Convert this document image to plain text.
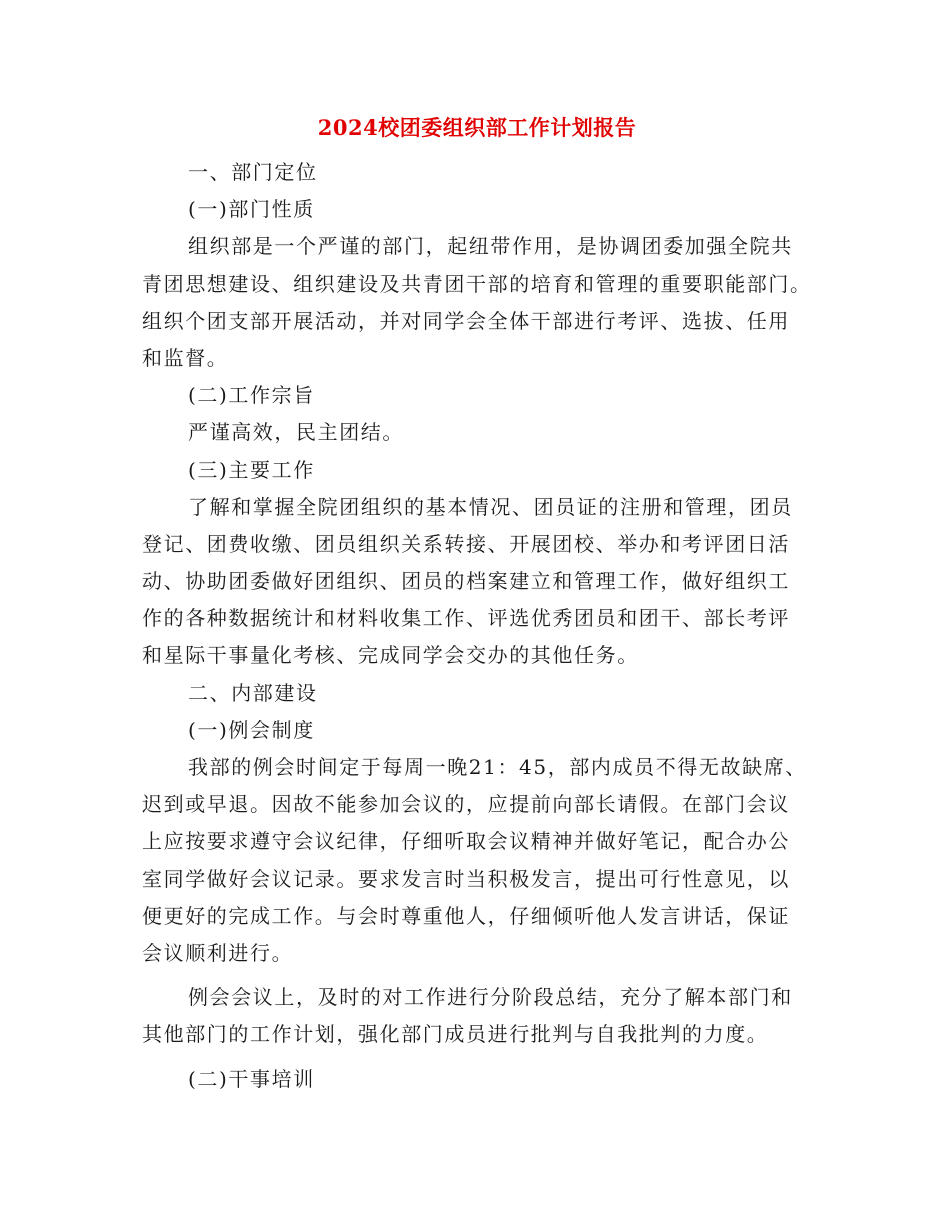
2024校团委组织部工作计划报告

一、部门定位

(一)部门性质

组织部是一个严谨的部门，起纽带作用，是协调团委加强全院共
青团思想建设、组织建设及共青团干部的培育和管理的重要职能部门。
组织个团支部开展活动，并对同学会全体干部进行考评、选拔、任用
和监督。

(二)工作宗旨

严谨高效，民主团结。

(三)主要工作

了解和掌握全院团组织的基本情况、团员证的注册和管理，团员
登记、团费收缴、团员组织关系转接、开展团校、举办和考评团日活
动、协助团委做好团组织、团员的档案建立和管理工作，做好组织工
作的各种数据统计和材料收集工作、评选优秀团员和团干、部长考评
和星际干事量化考核、完成同学会交办的其他任务。

二、内部建设

(一)例会制度

我部的例会时间定于每周一晚21：45，部内成员不得无故缺席、
迟到或早退。因故不能参加会议的，应提前向部长请假。在部门会议
上应按要求遵守会议纪律，仔细听取会议精神并做好笔记，配合办公
室同学做好会议记录。要求发言时当积极发言，提出可行性意见，以
便更好的完成工作。与会时尊重他人，仔细倾听他人发言讲话，保证
会议顺利进行。
例会会议上，及时的对工作进行分阶段总结，充分了解本部门和
其他部门的工作计划，强化部门成员进行批判与自我批判的力度。

(二)干事培训
